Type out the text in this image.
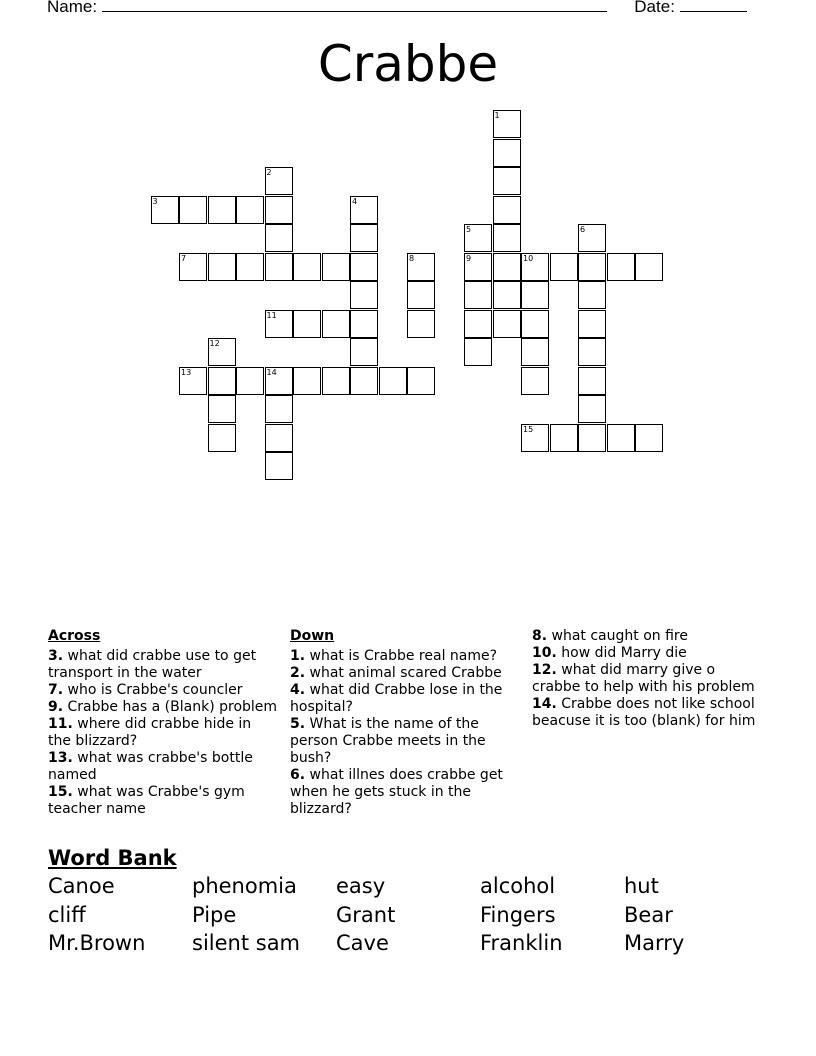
Name:	Date:
Crabbe
1
2
3	4
5	6
7	8	9	10
11
12
13	14
15
Across
3. what did crabbe use to get transport in the water
7. who is Crabbe's councler
9. Crabbe has a (Blank) problem
11. where did crabbe hide in the blizzard?
13. what was crabbe's bottle named
15. what was Crabbe's gym teacher name
Down
1. what is Crabbe real name?
2. what animal scared Crabbe
4. what did Crabbe lose in the hospital?
5. What is the name of the person Crabbe meets in the bush?
6. what illnes does crabbe get when he gets stuck in the blizzard?
8. what caught on fire
10. how did Marry die
12. what did marry give o crabbe to help with his problem
14. Crabbe does not like school beacuse it is too (blank) for him
Word Bank
Canoe	phenomia	easy	alcohol	hut
cliff	Pipe	Grant	Fingers	Bear
Mr.Brown	silent sam	Cave	Franklin	Marry
